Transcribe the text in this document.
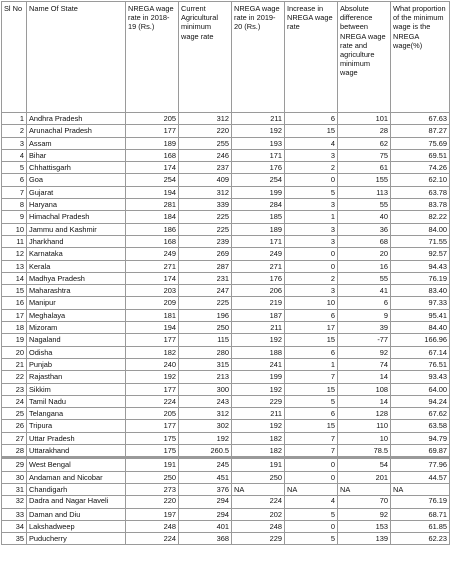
Sl No	Name Of State	NREGA wage rate in 2018-19 (Rs.)	Current Agricultural minimum wage rate	NREGA wage rate in 2019-20 (Rs.)	Increase in NREGA wage rate	Absolute difference between NREGA wage rate and agriculture minimum wage	What proportion of the minimum wage is the NREGA wage(%)
1	Andhra Pradesh	205	312	211	6	101	67.63
2	Arunachal Pradesh	177	220	192	15	28	87.27
3	Assam	189	255	193	4	62	75.69
4	Bihar	168	246	171	3	75	69.51
5	Chhattisgarh	174	237	176	2	61	74.26
6	Goa	254	409	254	0	155	62.10
7	Gujarat	194	312	199	5	113	63.78
8	Haryana	281	339	284	3	55	83.78
9	Himachal Pradesh	184	225	185	1	40	82.22
10	Jammu and Kashmir	186	225	189	3	36	84.00
11	Jharkhand	168	239	171	3	68	71.55
12	Karnataka	249	269	249	0	20	92.57
13	Kerala	271	287	271	0	16	94.43
14	Madhya Pradesh	174	231	176	2	55	76.19
15	Maharashtra	203	247	206	3	41	83.40
16	Manipur	209	225	219	10	6	97.33
17	Meghalaya	181	196	187	6	9	95.41
18	Mizoram	194	250	211	17	39	84.40
19	Nagaland	177	115	192	15	-77	166.96
20	Odisha	182	280	188	6	92	67.14
21	Punjab	240	315	241	1	74	76.51
22	Rajasthan	192	213	199	7	14	93.43
23	Sikkim	177	300	192	15	108	64.00
24	Tamil Nadu	224	243	229	5	14	94.24
25	Telangana	205	312	211	6	128	67.62
26	Tripura	177	302	192	15	110	63.58
27	Uttar Pradesh	175	192	182	7	10	94.79
28	Uttarakhand	175	260.5	182	7	78.5	69.87
29	West Bengal	191	245	191	0	54	77.96
30	Andaman and Nicobar	250	451	250	0	201	44.57
31	Chandigarh	273	376	NA	NA	NA	NA
32	Dadra and Nagar Haveli	220	294	224	4	70	76.19
33	Daman and Diu	197	294	202	5	92	68.71
34	Lakshadweep	248	401	248	0	153	61.85
35	Puducherry	224	368	229	5	139	62.23
